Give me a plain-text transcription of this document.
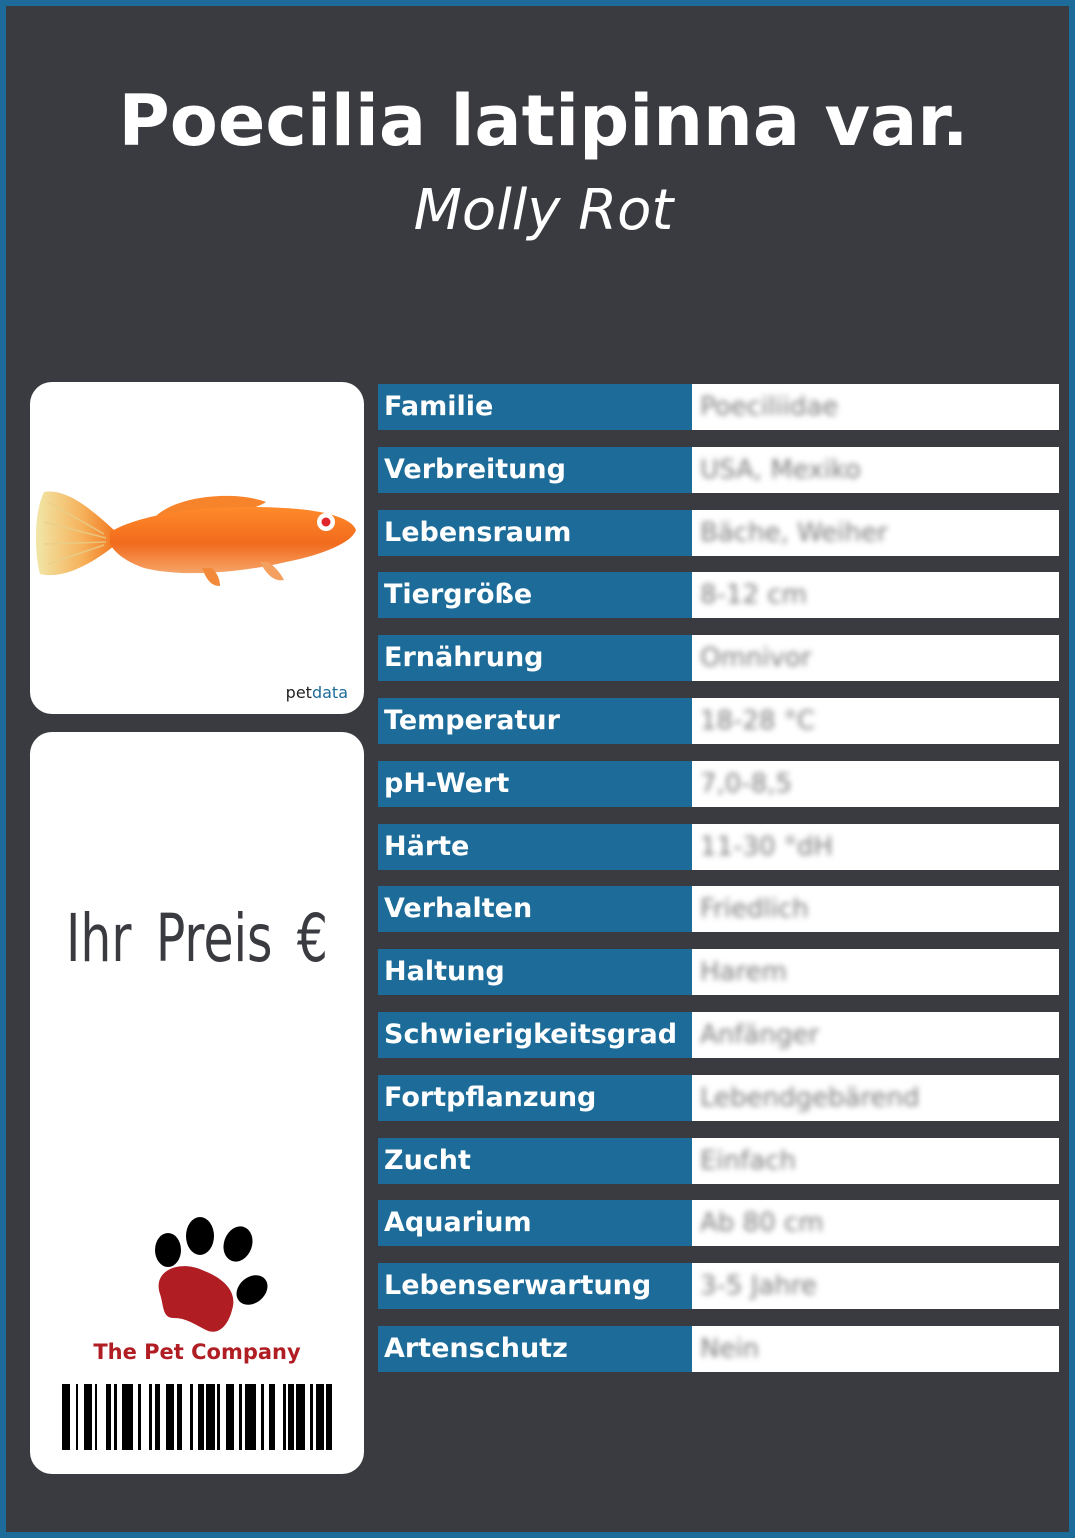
Poecilia latipinna var.
Molly Rot
petdata
Ihr Preis €
The Pet Company
Familie	Poeciliidae
Verbreitung	USA, Mexiko
Lebensraum	Bäche, Weiher
Tiergröße	8-12 cm
Ernährung	Omnivor
Temperatur	18-28 °C
pH-Wert	7,0-8,5
Härte	11-30 °dH
Verhalten	Friedlich
Haltung	Harem
Schwierigkeitsgrad Anfänger
Fortpflanzung	Lebendgebärend
Zucht	Einfach
Aquarium	Ab 80 cm
Lebenserwartung	3-5 Jahre
Artenschutz	Nein
